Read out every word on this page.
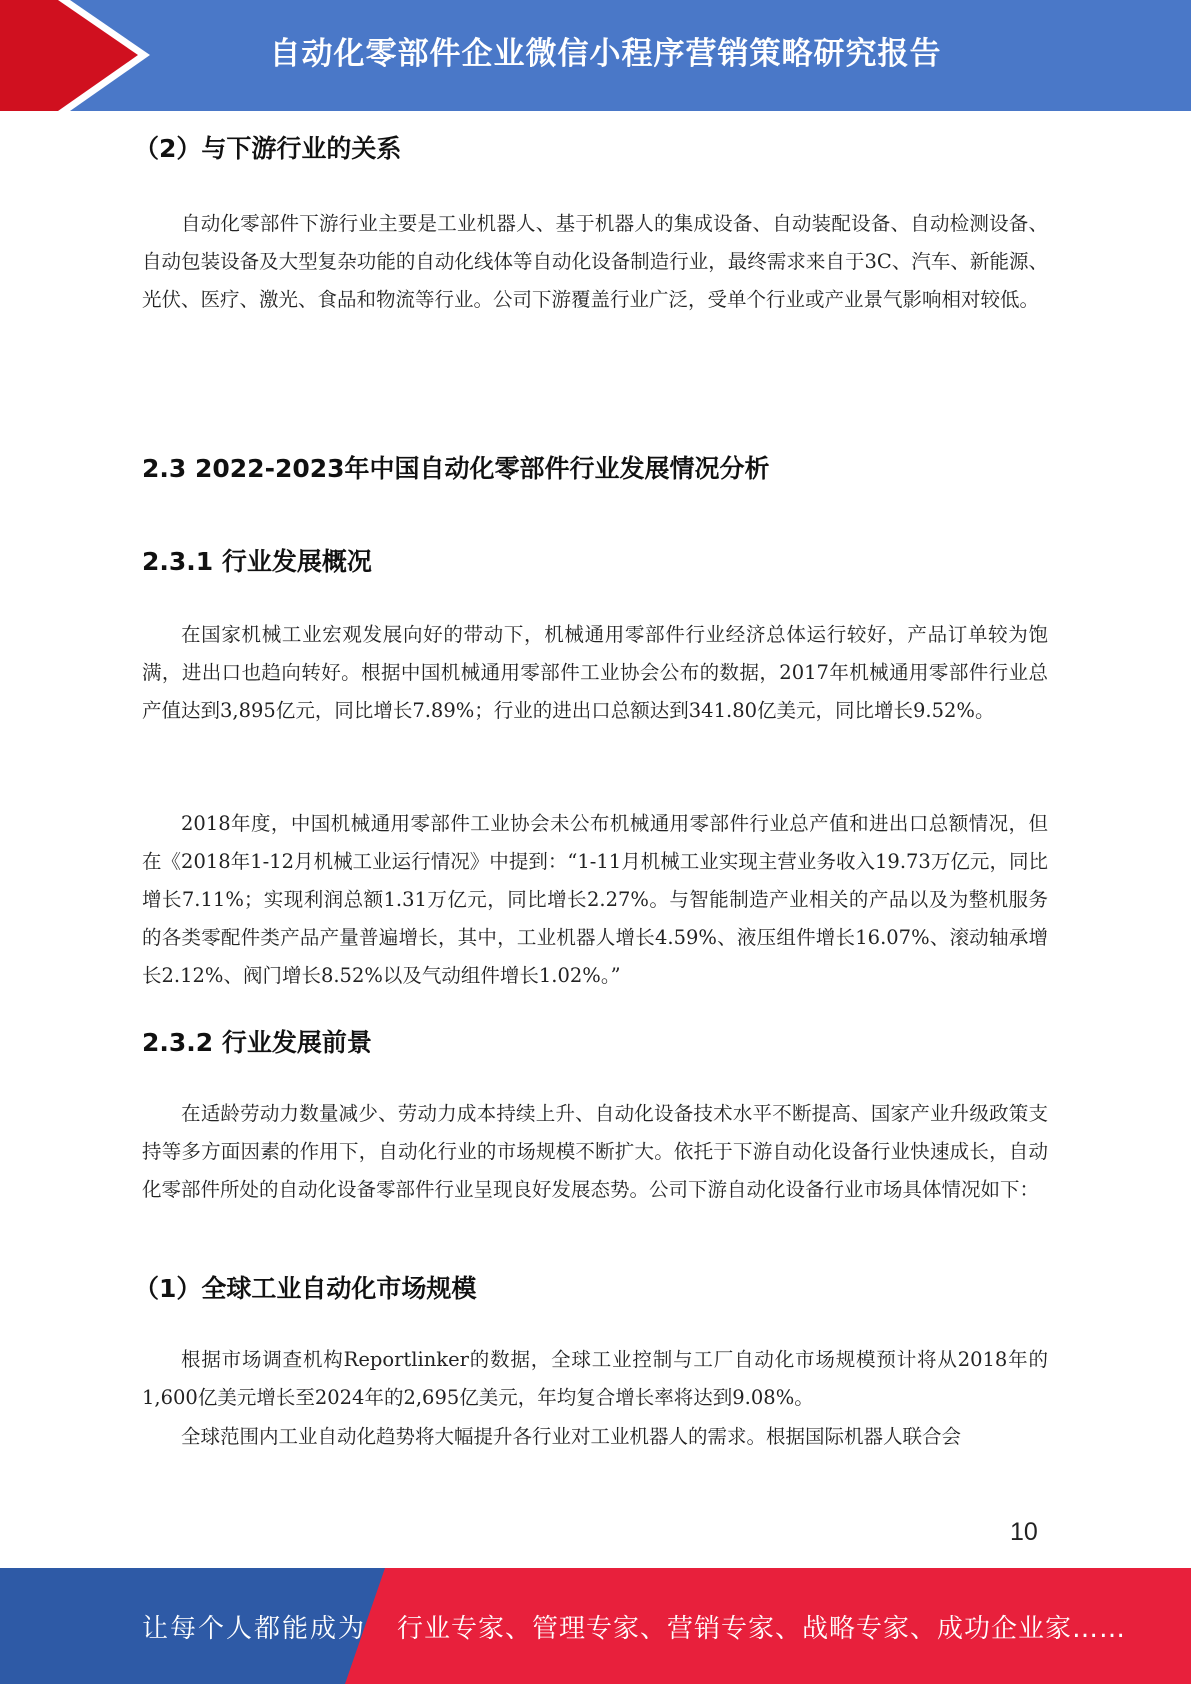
自动化零部件企业微信小程序营销策略研究报告
（2）与下游行业的关系

自动化零部件下游行业主要是工业机器人、基于机器人的集成设备、自动装配设备、自动检测设备、自动包装设备及大型复杂功能的自动化线体等自动化设备制造行业，最终需求来自于3C、汽车、新能源、光伏、医疗、激光、食品和物流等行业。公司下游覆盖行业广泛，受单个行业或产业景气影响相对较低。

2.3 2022-2023年中国自动化零部件行业发展情况分析
2.3.1 行业发展概况

在国家机械工业宏观发展向好的带动下，机械通用零部件行业经济总体运行较好，产品订单较为饱满，进出口也趋向转好。根据中国机械通用零部件工业协会公布的数据，2017年机械通用零部件行业总产值达到3,895亿元，同比增长7.89%；行业的进出口总额达到341.80亿美元，同比增长9.52%。

2018年度，中国机械通用零部件工业协会未公布机械通用零部件行业总产值和进出口总额情况，但在《2018年1-12月机械工业运行情况》中提到：“1-11月机械工业实现主营业务收入19.73万亿元，同比增长7.11%；实现利润总额1.31万亿元，同比增长2.27%。与智能制造产业相关的产品以及为整机服务的各类零配件类产品产量普遍增长，其中，工业机器人增长4.59%、液压组件增长16.07%、滚动轴承增长2.12%、阀门增长8.52%以及气动组件增长1.02%。”

2.3.2 行业发展前景

在适龄劳动力数量减少、劳动力成本持续上升、自动化设备技术水平不断提高、国家产业升级政策支持等多方面因素的作用下，自动化行业的市场规模不断扩大。依托于下游自动化设备行业快速成长，自动化零部件所处的自动化设备零部件行业呈现良好发展态势。公司下游自动化设备行业市场具体情况如下：

（1）全球工业自动化市场规模

根据市场调查机构Reportlinker的数据，全球工业控制与工厂自动化市场规模预计将从2018年的1,600亿美元增长至2024年的2,695亿美元，年均复合增长率将达到9.08%。

全球范围内工业自动化趋势将大幅提升各行业对工业机器人的需求。根据国际机器人联合会

10
让每个人都能成为 行业专家、管理专家、营销专家、战略专家、成功企业家……
